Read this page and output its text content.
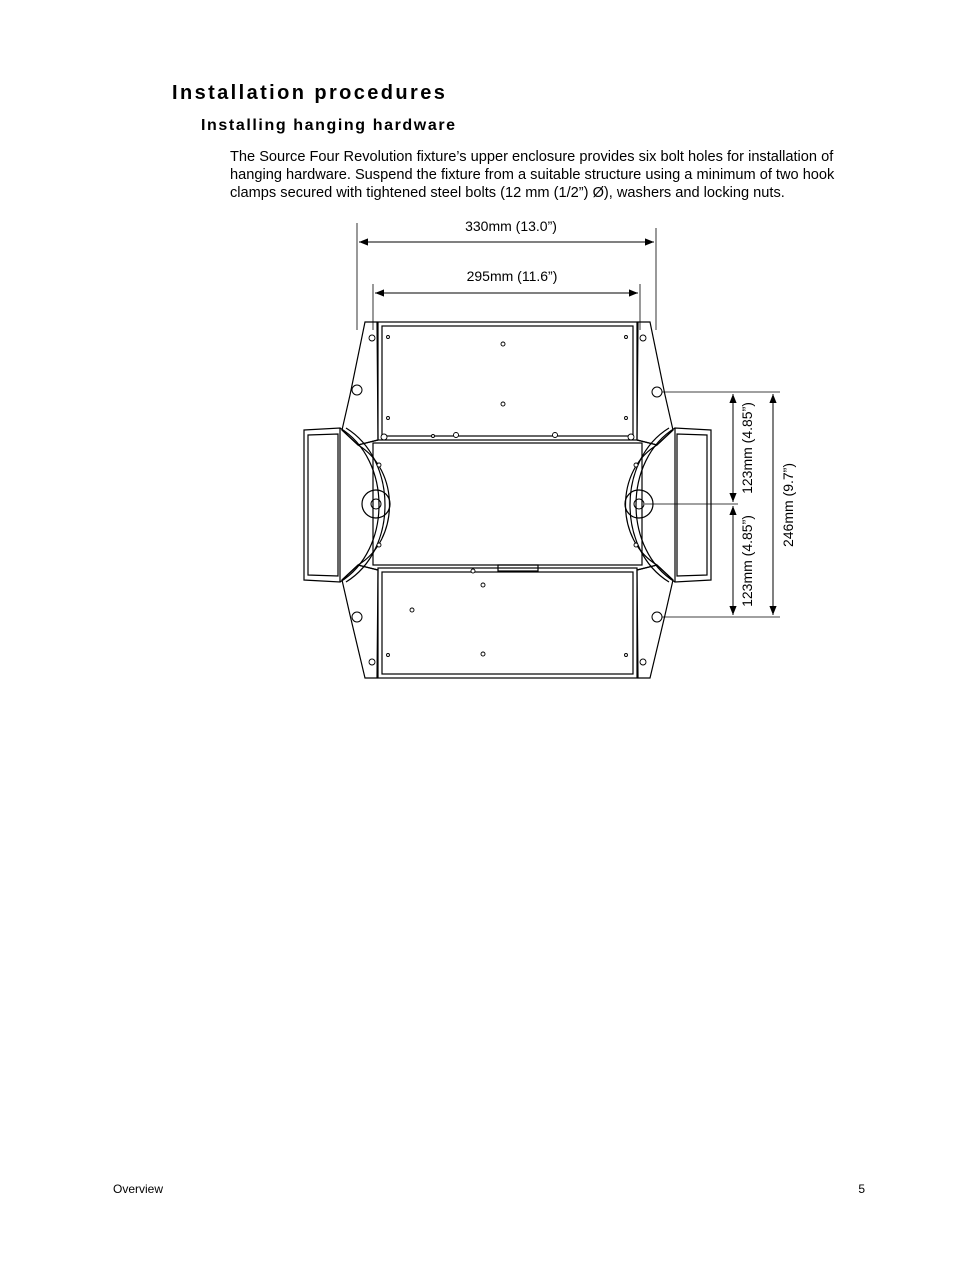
Installation procedures
Installing hanging hardware

The Source Four Revolution fixture’s upper enclosure provides six bolt holes for installation of hanging hardware. Suspend the fixture from a suitable structure using a minimum of two hook clamps secured with tightened steel bolts (12 mm (1/2”) Ø), washers and locking nuts.

330mm (13.0”)
295mm (11.6”)
123mm (4.85”)
123mm (4.85”)
246mm (9.7”)
Overview	5
